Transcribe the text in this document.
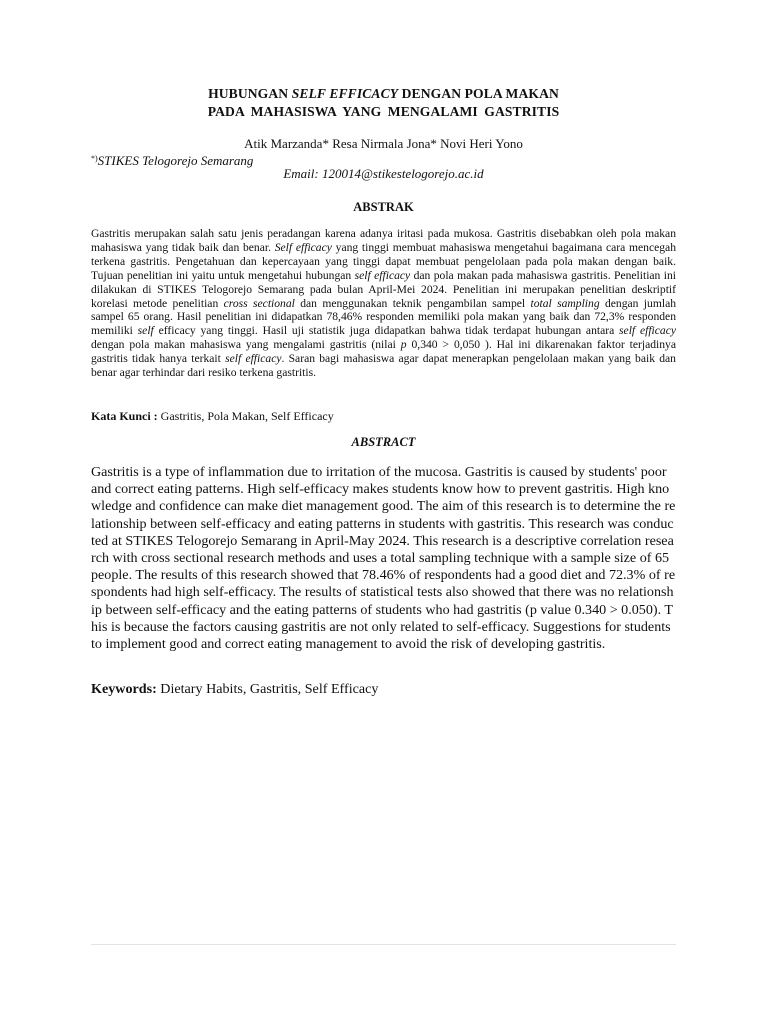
HUBUNGAN SELF EFFICACY DENGAN POLA MAKAN
PADA MAHASISWA YANG MENGALAMI GASTRITIS
Atik Marzanda* Resa Nirmala Jona* Novi Heri Yono
*)STIKES Telogorejo Semarang
Email: 120014@stikestelogorejo.ac.id
ABSTRAK
Gastritis merupakan salah satu jenis peradangan karena adanya iritasi pada mukosa. Gastritis disebabkan oleh pola makan mahasiswa yang tidak baik dan benar. Self efficacy yang tinggi membuat mahasiswa mengetahui bagaimana cara mencegah terkena gastritis. Pengetahuan dan kepercayaan yang tinggi dapat membuat pengelolaan pada pola makan dengan baik. Tujuan penelitian ini yaitu untuk mengetahui hubungan self efficacy dan pola makan pada mahasiswa gastritis. Penelitian ini dilakukan di STIKES Telogorejo Semarang pada bulan April-Mei 2024. Penelitian ini merupakan penelitian deskriptif korelasi metode penelitian cross sectional dan menggunakan teknik pengambilan sampel total sampling dengan jumlah sampel 65 orang. Hasil penelitian ini didapatkan 78,46% responden memiliki pola makan yang baik dan 72,3% responden memiliki self efficacy yang tinggi. Hasil uji statistik juga didapatkan bahwa tidak terdapat hubungan antara self efficacy dengan pola makan mahasiswa yang mengalami gastritis (nilai p 0,340 > 0,050 ). Hal ini dikarenakan faktor terjadinya gastritis tidak hanya terkait self efficacy. Saran bagi mahasiswa agar dapat menerapkan pengelolaan makan yang baik dan benar agar terhindar dari resiko terkena gastritis.
Kata Kunci : Gastritis, Pola Makan, Self Efficacy
ABSTRACT
Gastritis is a type of inflammation due to irritation of the mucosa. Gastritis is caused by students' poor and correct eating patterns. High self-efficacy makes students know how to prevent gastritis. High knowledge and confidence can make diet management good. The aim of this research is to determine the relationship between self-efficacy and eating patterns in students with gastritis. This research was conducted at STIKES Telogorejo Semarang in April-May 2024. This research is a descriptive correlation research with cross sectional research methods and uses a total sampling technique with a sample size of 65 people. The results of this research showed that 78.46% of respondents had a good diet and 72.3% of respondents had high self-efficacy. The results of statistical tests also showed that there was no relationship between self-efficacy and the eating patterns of students who had gastritis (p value 0.340 > 0.050). This is because the factors causing gastritis are not only related to self-efficacy. Suggestions for students to implement good and correct eating management to avoid the risk of developing gastritis.
Keywords: Dietary Habits, Gastritis, Self Efficacy
